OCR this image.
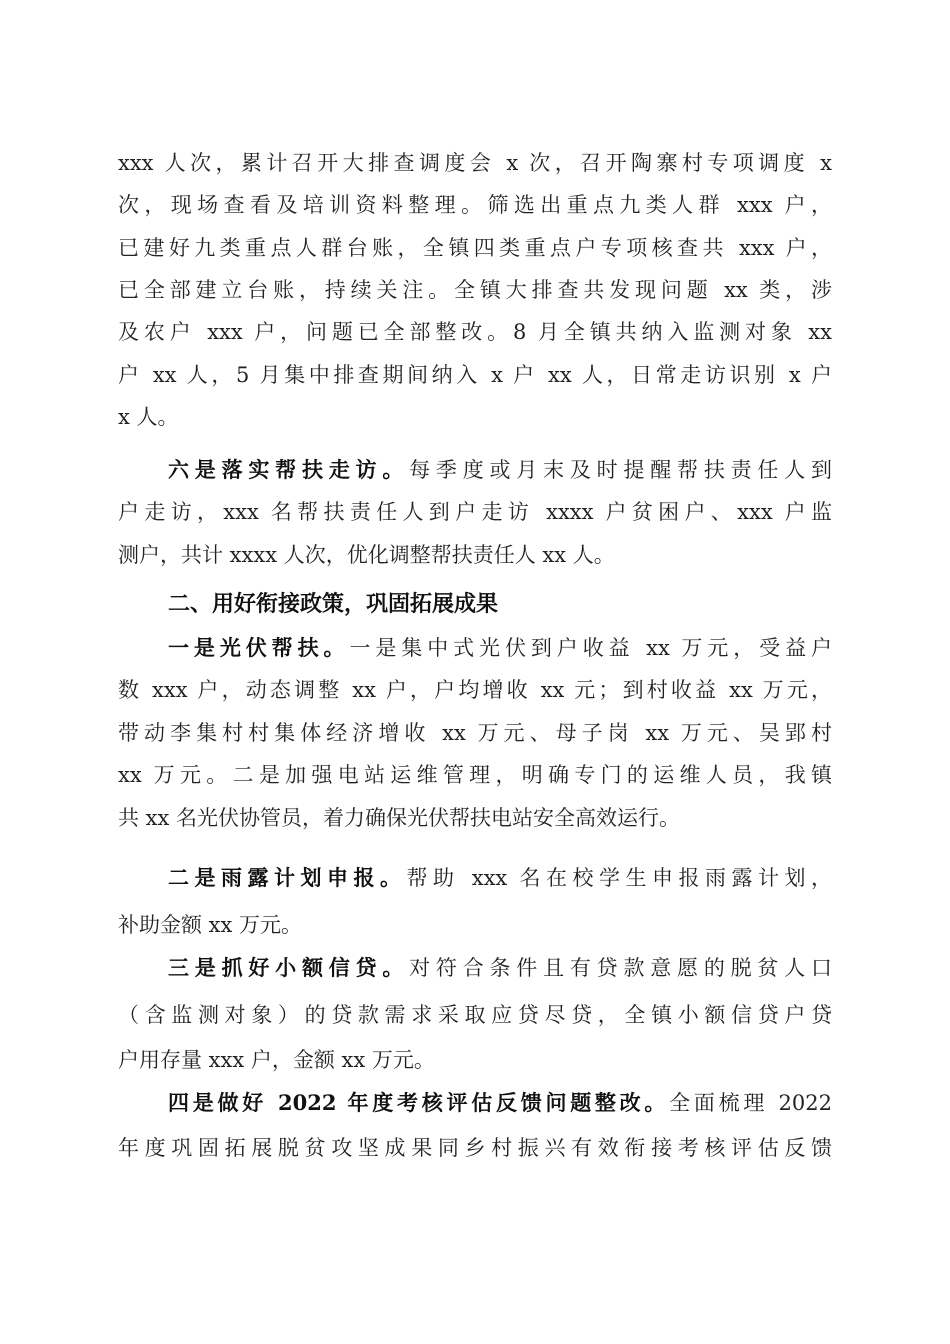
xxx 人次，累计召开大排查调度会 x 次，召开陶寨村专项调度 x
次，现场查看及培训资料整理。筛选出重点九类人群 xxx 户，
已建好九类重点人群台账，全镇四类重点户专项核查共 xxx 户，
已全部建立台账，持续关注。全镇大排查共发现问题 xx 类，涉
及农户 xxx 户，问题已全部整改。8 月全镇共纳入监测对象 xx
户 xx 人，5 月集中排查期间纳入 x 户 xx 人，日常走访识别 x 户
x 人。
六是落实帮扶走访。每季度或月末及时提醒帮扶责任人到
户走访，xxx 名帮扶责任人到户走访 xxxx 户贫困户、xxx 户监
测户，共计 xxxx 人次，优化调整帮扶责任人 xx 人。
二、用好衔接政策，巩固拓展成果
一是光伏帮扶。一是集中式光伏到户收益 xx 万元，受益户
数 xxx 户，动态调整 xx 户，户均增收 xx 元；到村收益 xx 万元，
带动李集村村集体经济增收 xx 万元、母子岗 xx 万元、吴郢村
xx 万元。二是加强电站运维管理，明确专门的运维人员，我镇
共 xx 名光伏协管员，着力确保光伏帮扶电站安全高效运行。
二是雨露计划申报。帮助 xxx 名在校学生申报雨露计划，
补助金额 xx 万元。
三是抓好小额信贷。对符合条件且有贷款意愿的脱贫人口
（含监测对象）的贷款需求采取应贷尽贷，全镇小额信贷户贷
户用存量 xxx 户，金额 xx 万元。
四是做好 2022 年度考核评估反馈问题整改。全面梳理 2022
年度巩固拓展脱贫攻坚成果同乡村振兴有效衔接考核评估反馈
